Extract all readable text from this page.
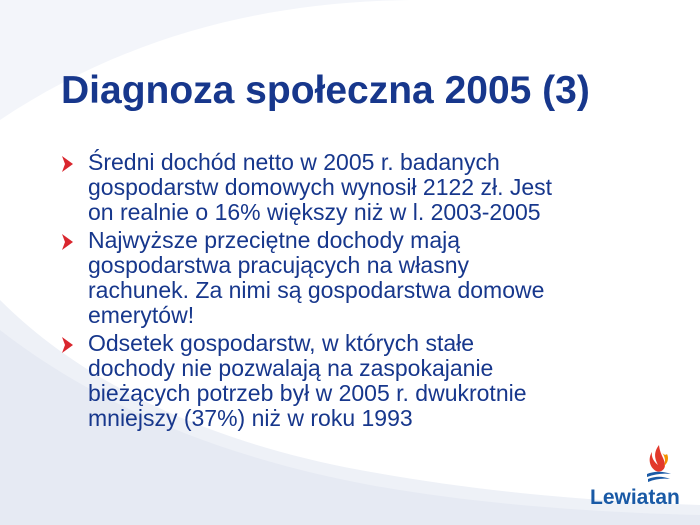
Diagnoza społeczna 2005 (3)
Średni dochód netto w 2005 r. badanych
gospodarstw domowych wynosił 2122 zł. Jest
on realnie o 16% większy niż w l. 2003-2005
Najwyższe przeciętne dochody mają
gospodarstwa pracujących na własny
rachunek. Za nimi są gospodarstwa domowe
emerytów!
Odsetek gospodarstw, w których stałe
dochody nie pozwalają na zaspokajanie
bieżących potrzeb był w 2005 r. dwukrotnie
mniejszy (37%) niż w roku 1993
Lewiatan
